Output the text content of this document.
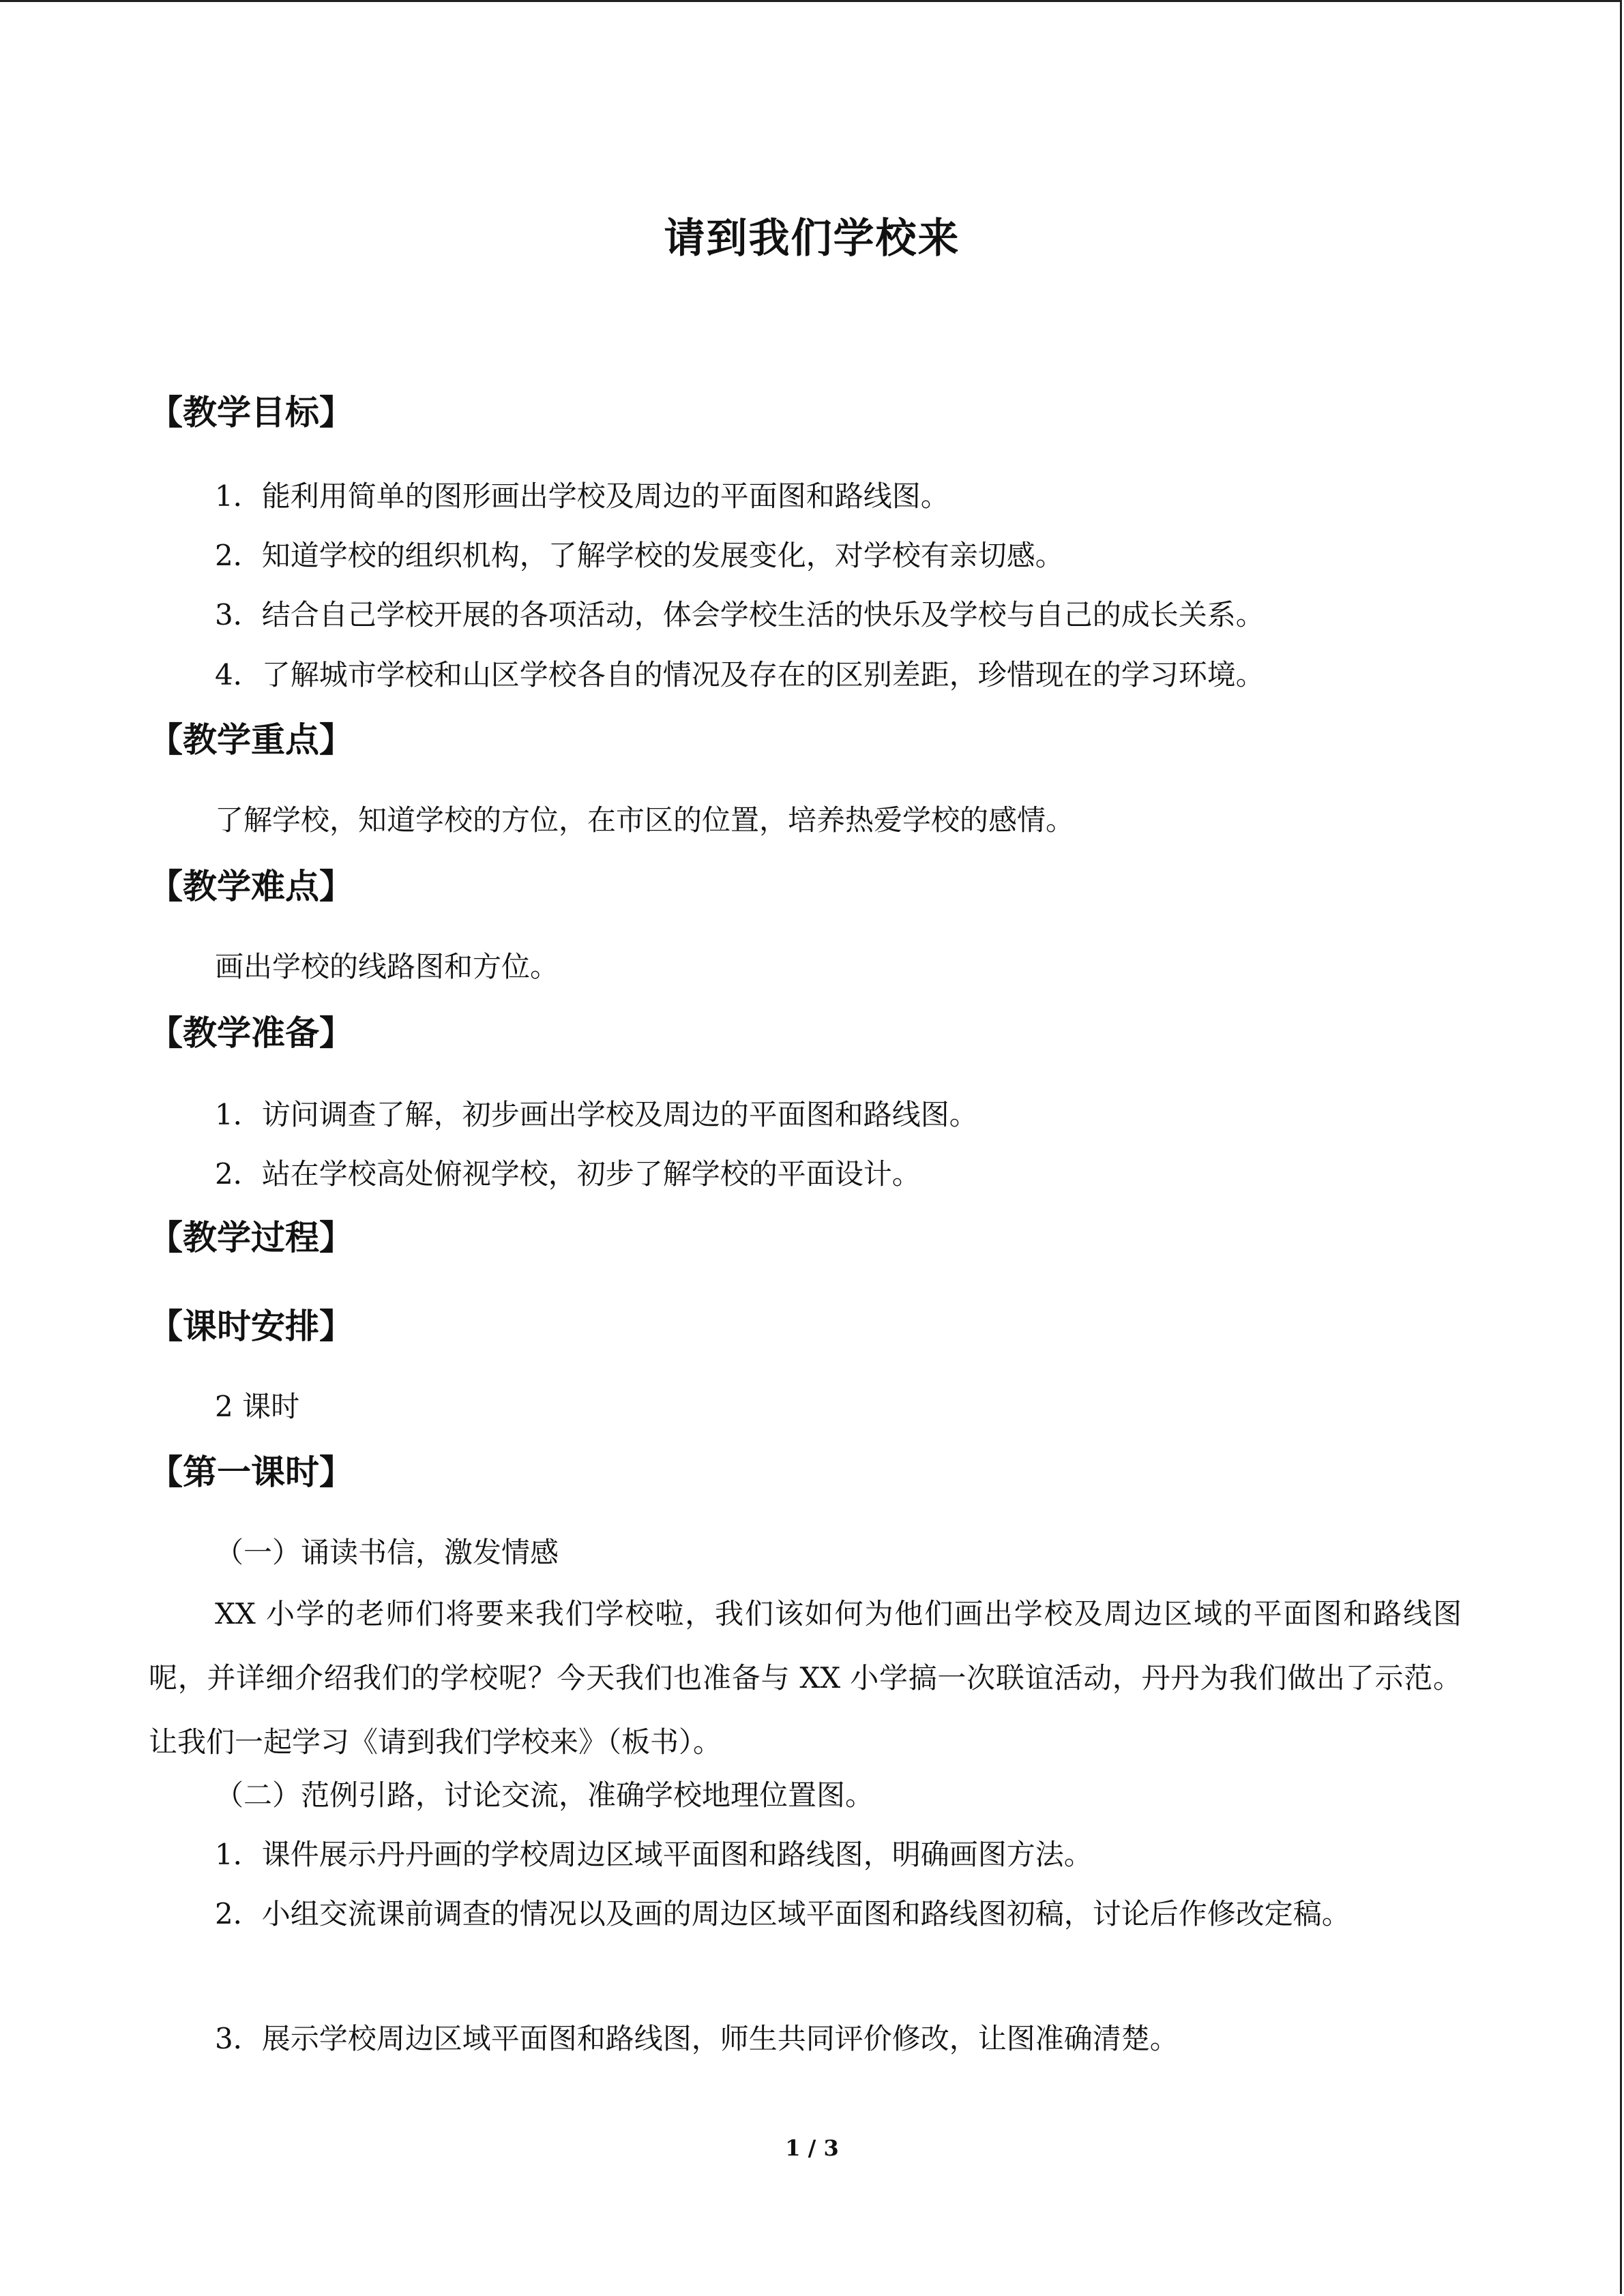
请到我们学校来
【教学目标】
1．能利用简单的图形画出学校及周边的平面图和路线图。
2．知道学校的组织机构，了解学校的发展变化，对学校有亲切感。
3．结合自己学校开展的各项活动，体会学校生活的快乐及学校与自己的成长关系。
4．了解城市学校和山区学校各自的情况及存在的区别差距，珍惜现在的学习环境。
【教学重点】
了解学校，知道学校的方位，在市区的位置，培养热爱学校的感情。
【教学难点】
画出学校的线路图和方位。
【教学准备】
1．访问调查了解，初步画出学校及周边的平面图和路线图。
2．站在学校高处俯视学校，初步了解学校的平面设计。
【教学过程】
【课时安排】
2 课时
【第一课时】
（一）诵读书信，激发情感
XX 小学的老师们将要来我们学校啦，我们该如何为他们画出学校及周边区域的平面图和路线图呢，并详细介绍我们的学校呢？今天我们也准备与 XX 小学搞一次联谊活动，丹丹为我们做出了示范。让我们一起学习《请到我们学校来》（板书）。
（二）范例引路，讨论交流，准确学校地理位置图。
1．课件展示丹丹画的学校周边区域平面图和路线图，明确画图方法。
2．小组交流课前调查的情况以及画的周边区域平面图和路线图初稿，讨论后作修改定稿。
3．展示学校周边区域平面图和路线图，师生共同评价修改，让图准确清楚。
1 / 3
